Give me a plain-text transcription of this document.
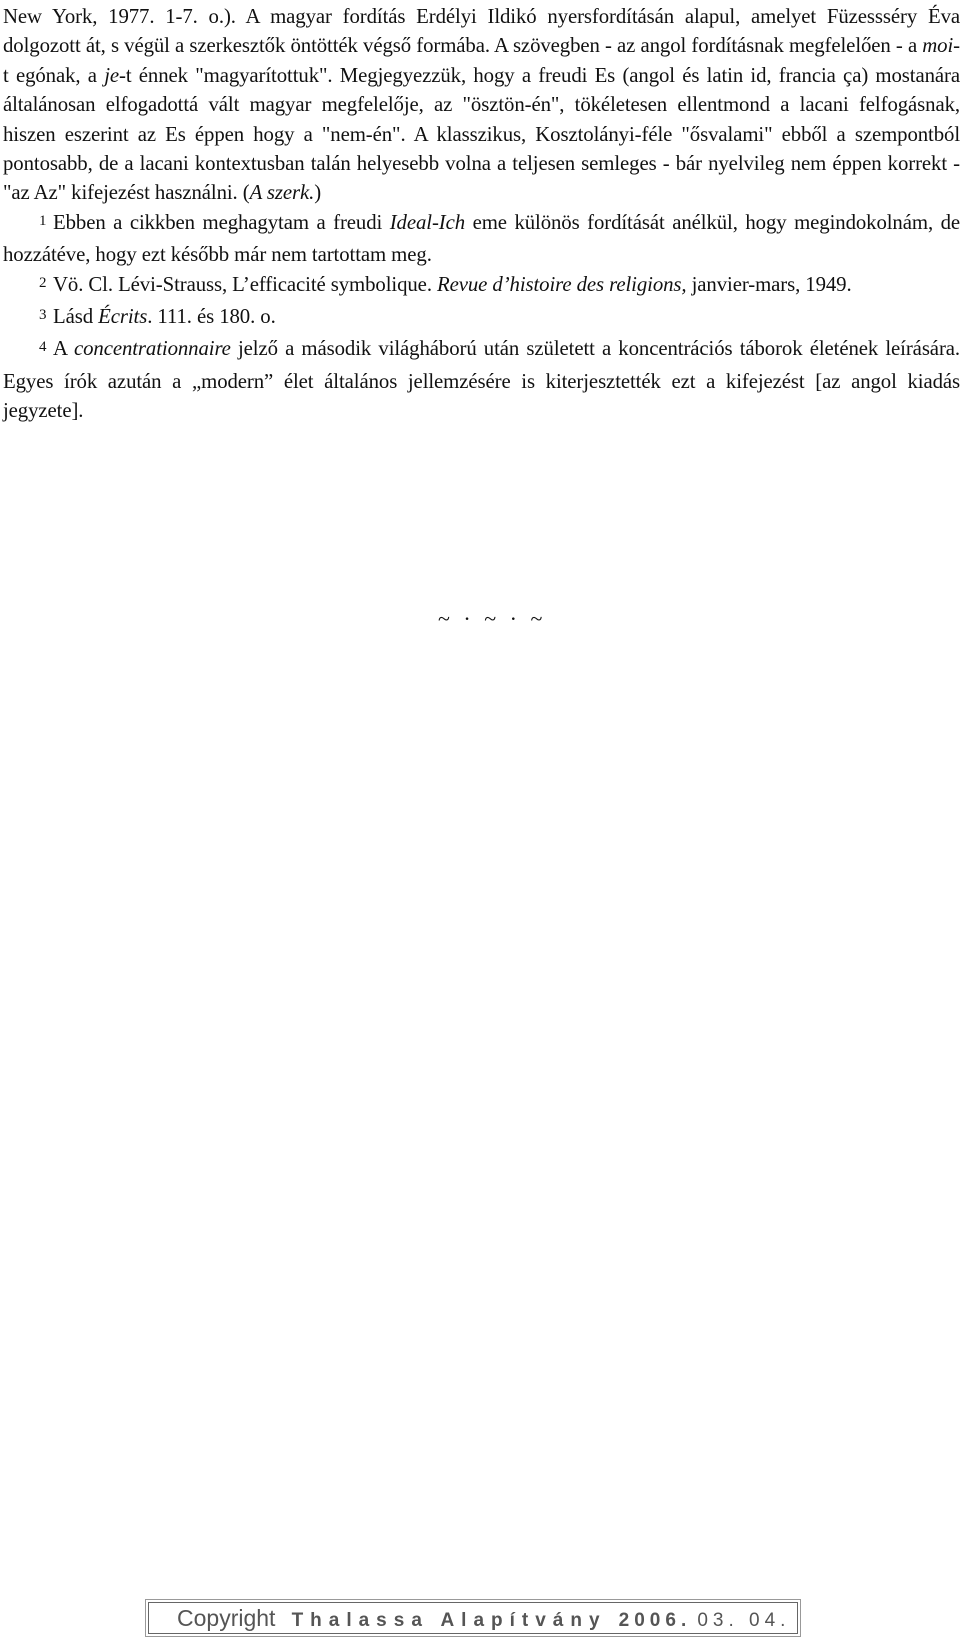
New York, 1977. 1-7. o.). A magyar fordítás Erdélyi Ildikó nyersfordításán alapul, amelyet Füzessséry Éva dolgozott át, s végül a szerkesztők öntötték végső formába. A szövegben - az angol fordításnak megfelelően - a moi-t egónak, a je-t énnek "magyarítottuk". Megjegyezzük, hogy a freudi Es (angol és latin id, francia ça) mostanára általánosan elfogadottá vált magyar megfelelője, az "ösztön-én", tökéletesen ellentmond a lacani felfogásnak, hiszen eszerint az Es éppen hogy a "nem-én". A klasszikus, Kosztolányi-féle "ősvalami" ebből a szempontból pontosabb, de a lacani kontextusban talán helyesebb volna a teljesen semleges - bár nyelvileg nem éppen korrekt - "az Az" kifejezést használni. (A szerk.)

1 Ebben a cikkben meghagytam a freudi Ideal-Ich eme különös fordítását anélkül, hogy megindokolnám, de hozzátéve, hogy ezt később már nem tartottam meg.

2 Vö. Cl. Lévi-Strauss, L’efficacité symbolique. Revue d’histoire des religions, janvier-mars, 1949.

3 Lásd Écrits. 111. és 180. o.

4 A concentrationnaire jelző a második világháború után született a koncentrációs táborok életének leírására. Egyes írók azután a „modern” élet általános jellemzésére is kiterjesztették ezt a kifejezést [az angol kiadás jegyzete].

~ · ~ · ~
Copyright Thalassa Alapítvány 2006. 03. 04.
